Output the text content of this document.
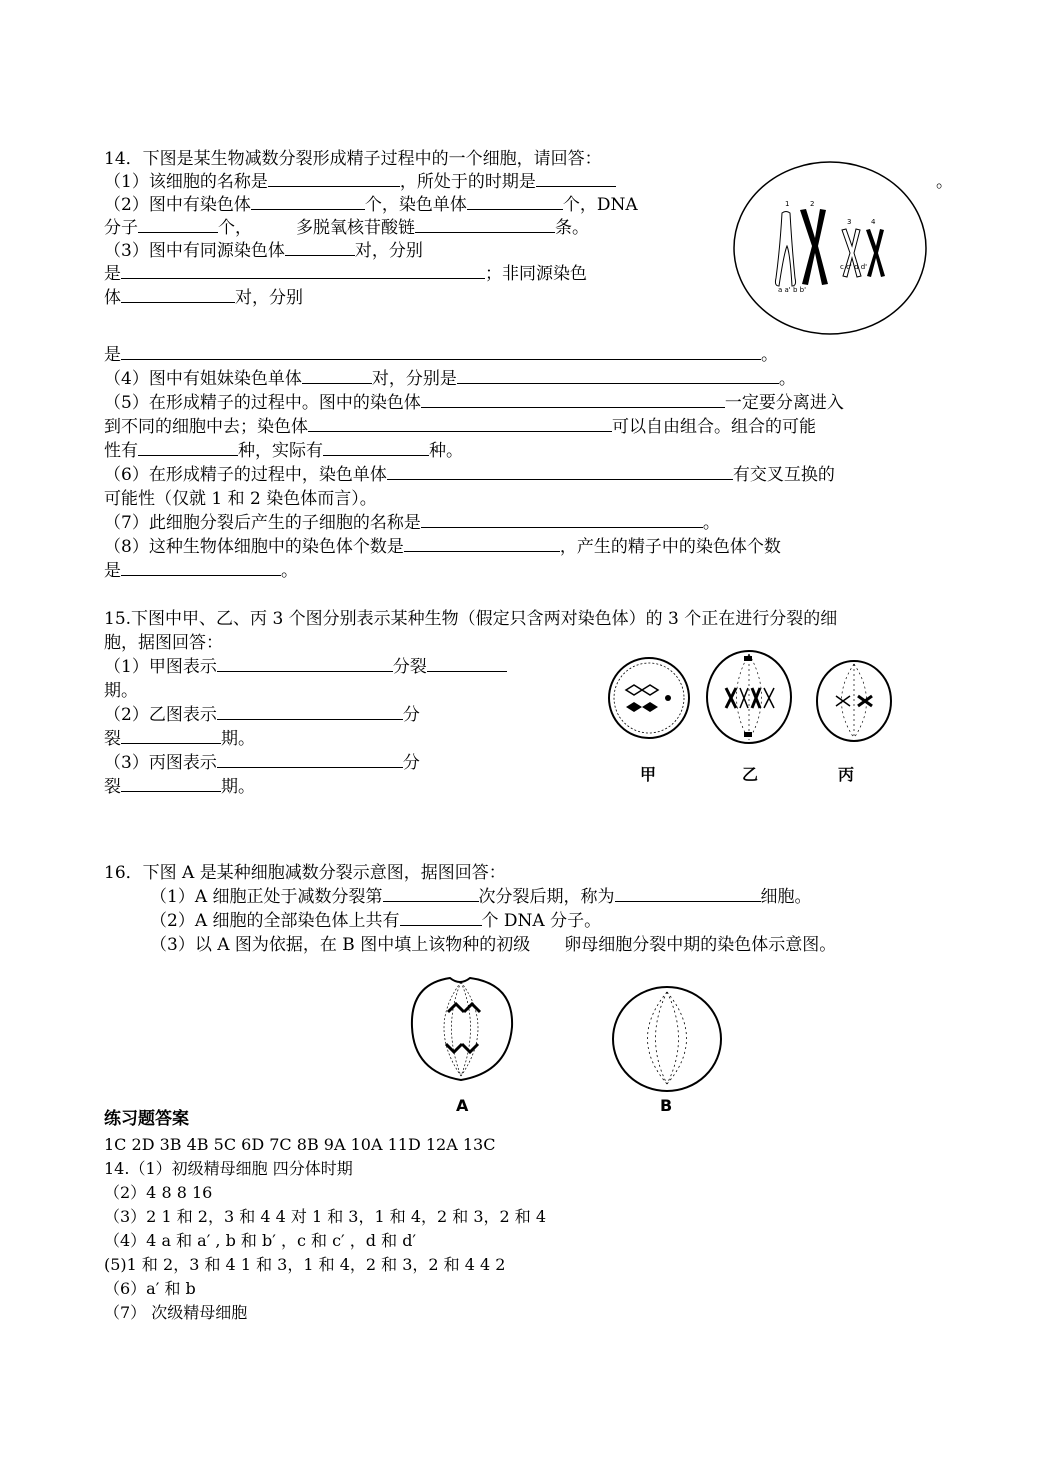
14．下图是某生物减数分裂形成精子过程中的一个细胞，请回答：
（1）该细胞的名称是	，所处于的时期是	。
（2）图中有染色体	个，染色单体	个，DNA
分子	个，	多脱氧核苷酸链	条。
（3）图中有同源染色体	对，分别
是	；非同源染色
体	对，分别
是	。
（4）图中有姐妹染色单体	对，分别是	。
（5）在形成精子的过程中。图中的染色体	一定要分离进入
到不同的细胞中去；染色体	可以自由组合。组合的可能
性有	种，实际有	种。
（6）在形成精子的过程中，染色单体	有交叉互换的
可能性（仅就 1 和 2 染色体而言）。
（7）此细胞分裂后产生的子细胞的名称是	。
（8）这种生物体细胞中的染色体个数是	，产生的精子中的染色体个数
是	。
1	2
3	4
c c' d d'
a a' b b'
15.下图中甲、乙、丙 3 个图分别表示某种生物（假定只含两对染色体）的 3 个正在进行分裂的细
胞，据图回答：
（1）甲图表示	分裂
期。
（2）乙图表示	分
裂	期。
（3）丙图表示	分
裂	期。
甲	乙	丙
16．下图 A 是某种细胞减数分裂示意图，据图回答：
（1）A 细胞正处于减数分裂第	次分裂后期，称为	细胞。
（2）A 细胞的全部染色体上共有	个 DNA 分子。
（3）以 A 图为依据，在 B 图中填上该物种的初级　　卵母细胞分裂中期的染色体示意图。
A	B
练习题答案
1C 2D 3B 4B 5C 6D 7C 8B 9A 10A 11D 12A 13C
14.（1）初级精母细胞 四分体时期
（2）4 8 8 16
（3）2 1 和 2，3 和 4 4 对 1 和 3，1 和 4，2 和 3，2 和 4
（4）4 a 和 a′ , b 和 b′ ，c 和 c′ ，d 和 d′
(5)1 和 2，3 和 4 1 和 3，1 和 4，2 和 3，2 和 4 4 2
（6）a′ 和 b
（7） 次级精母细胞
